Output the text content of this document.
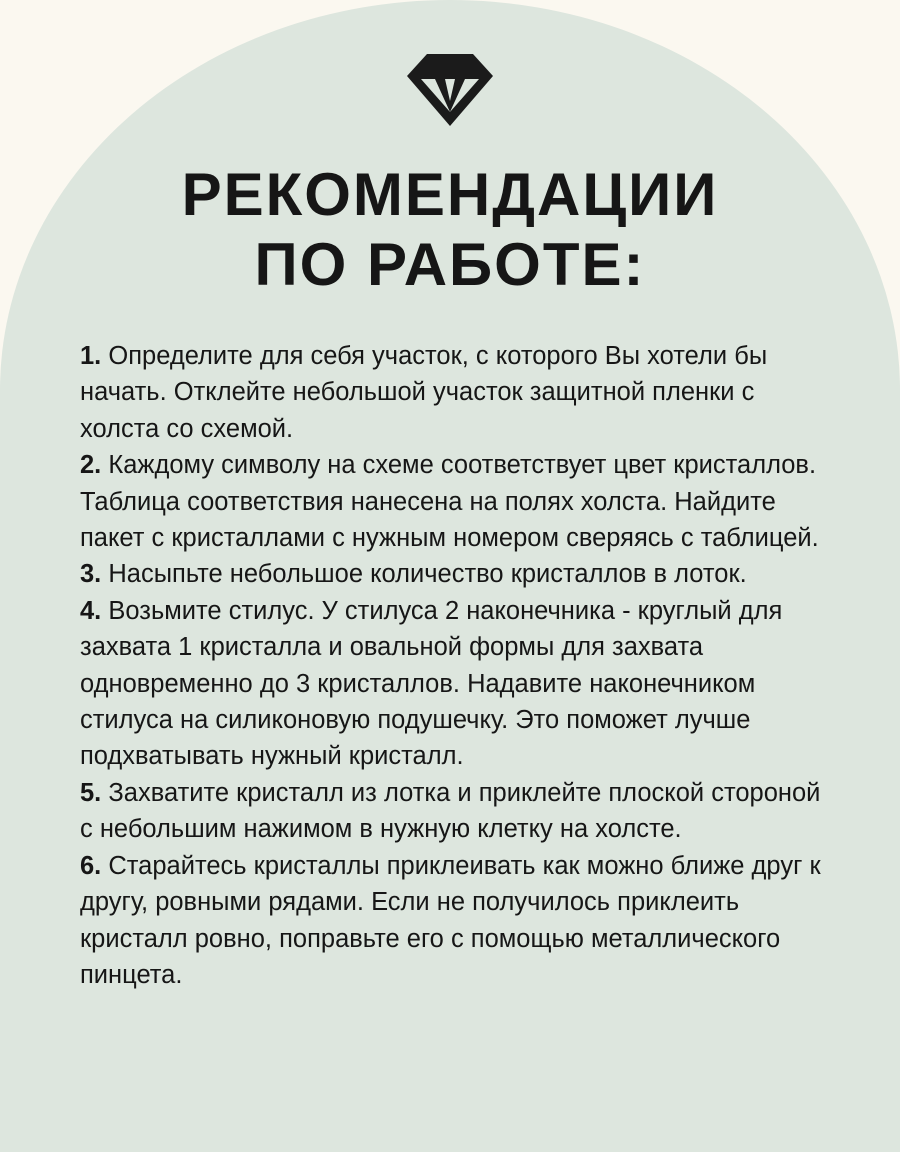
РЕКОМЕНДАЦИИ
ПО РАБОТЕ:
1. Определите для себя участок, с которого Вы хотели бы начать. Отклейте небольшой участок защитной пленки с холста со схемой.
2. Каждому символу на схеме соответствует цвет кристаллов. Таблица соответствия нанесена на полях холста. Найдите пакет с кристаллами с нужным номером сверяясь с таблицей.
3. Насыпьте небольшое количество кристаллов в лоток.
4. Возьмите стилус. У стилуса 2 наконечника - круглый для захвата 1 кристалла и овальной формы для захвата одновременно до 3 кристаллов. Надавите наконечником стилуса на силиконовую подушечку. Это поможет лучше подхватывать нужный кристалл.
5. Захватите кристалл из лотка и приклейте плоской стороной с небольшим нажимом в нужную клетку на холсте.
6. Старайтесь кристаллы приклеивать как можно ближе друг к другу, ровными рядами. Если не получилось приклеить кристалл ровно, поправьте его с помощью металлического пинцета.
